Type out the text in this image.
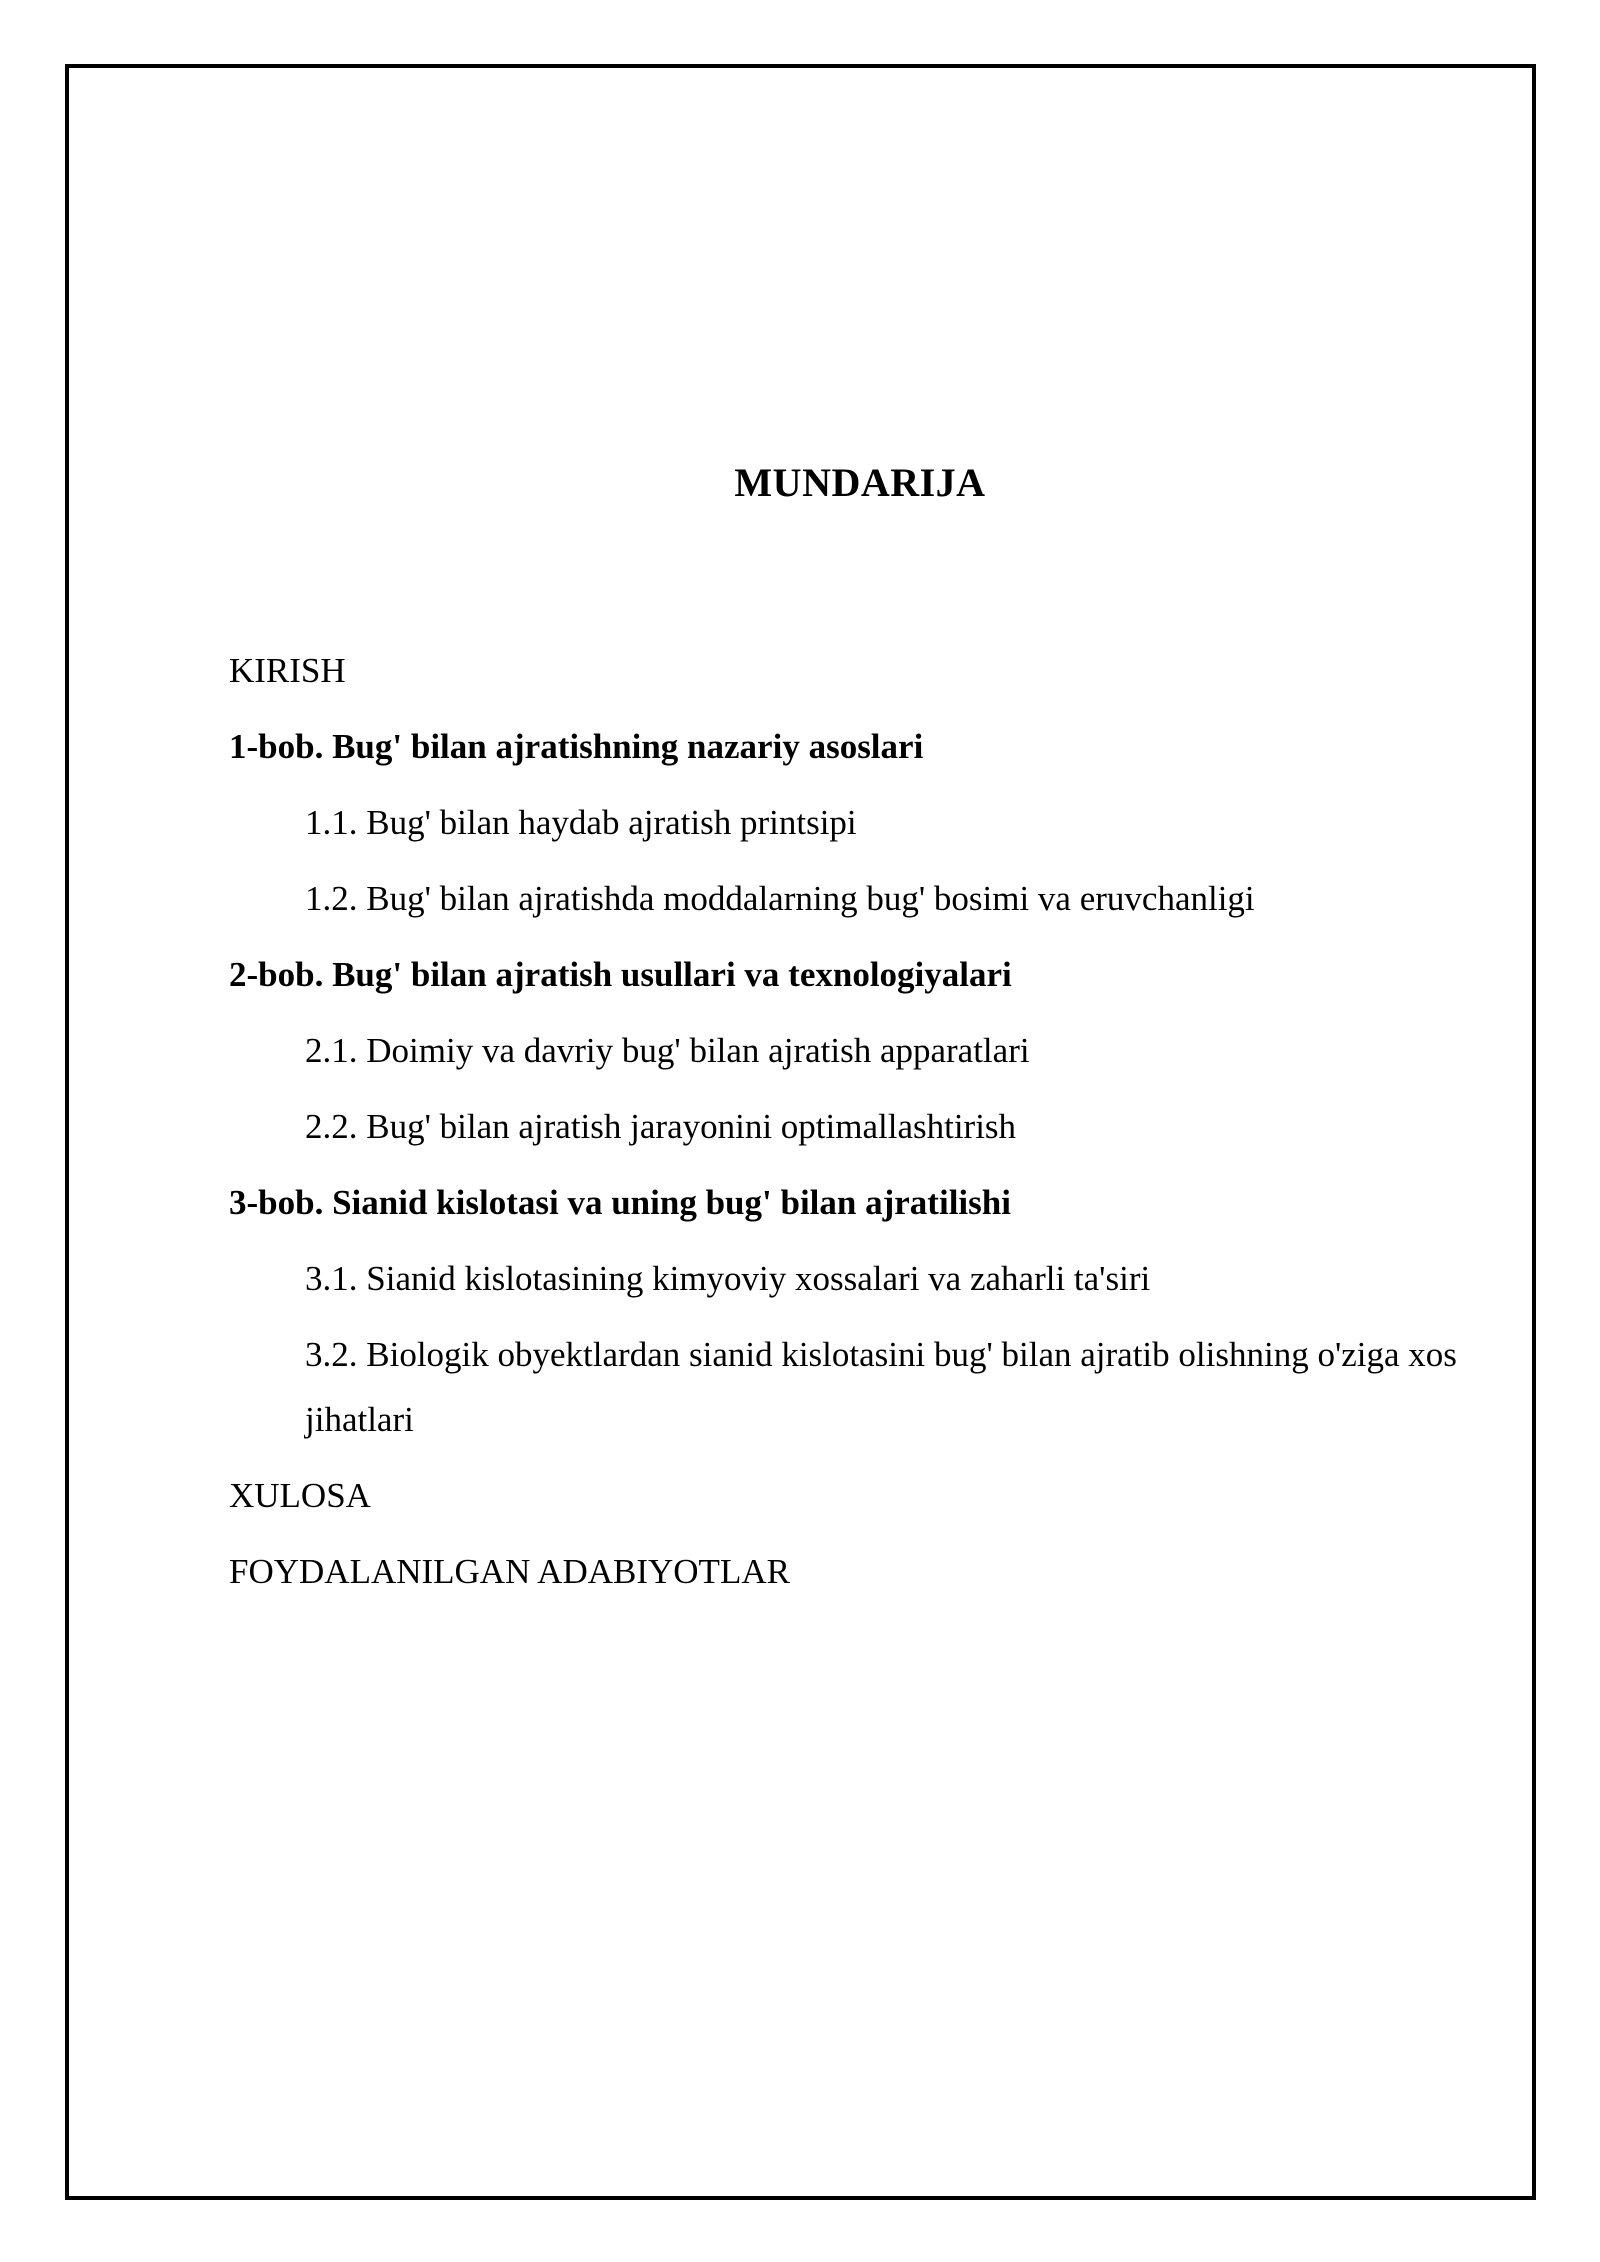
MUNDARIJA
KIRISH
1-bob. Bug' bilan ajratishning nazariy asoslari
1.1. Bug' bilan haydab ajratish printsipi
1.2. Bug' bilan ajratishda moddalarning bug' bosimi va eruvchanligi
2-bob. Bug' bilan ajratish usullari va texnologiyalari
2.1. Doimiy va davriy bug' bilan ajratish apparatlari
2.2. Bug' bilan ajratish jarayonini optimallashtirish
3-bob. Sianid kislotasi va uning bug' bilan ajratilishi
3.1. Sianid kislotasining kimyoviy xossalari va zaharli ta'siri
3.2. Biologik obyektlardan sianid kislotasini bug' bilan ajratib olishning o'ziga xos jihatlari
XULOSA
FOYDALANILGAN ADABIYOTLAR
